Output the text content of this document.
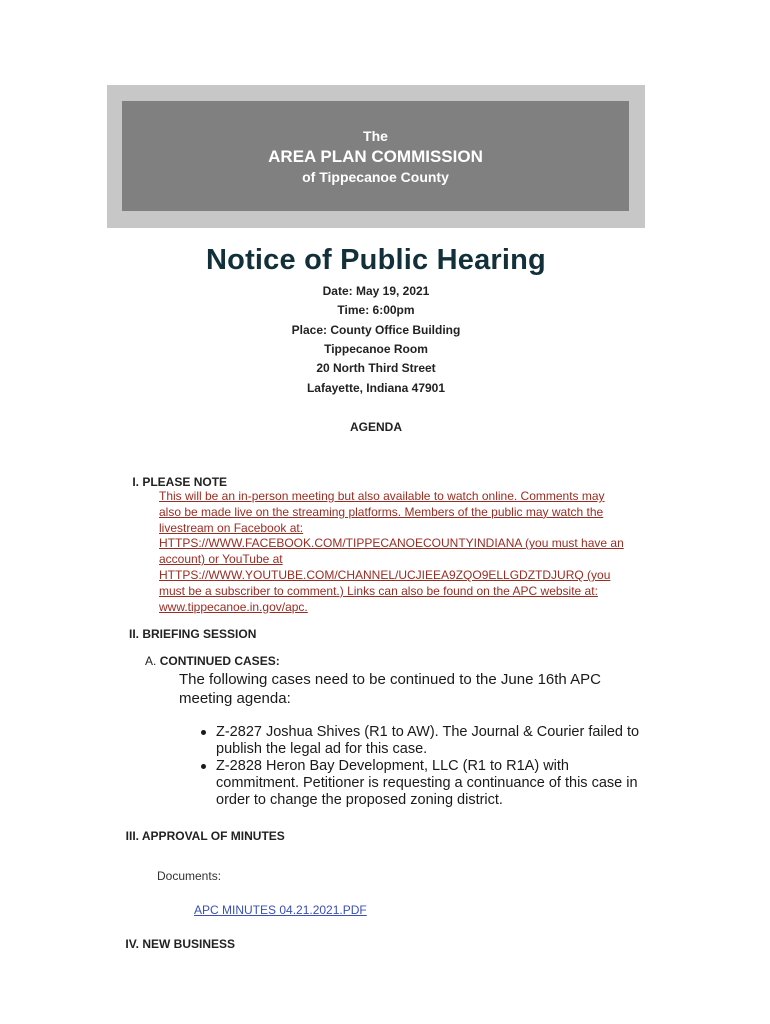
The
AREA PLAN COMMISSION
of Tippecanoe County
Notice of Public Hearing
Date: May 19, 2021
Time: 6:00pm
Place: County Office Building
Tippecanoe Room
20 North Third Street
Lafayette, Indiana 47901
AGENDA
I. PLEASE NOTE
This will be an in-person meeting but also available to watch online. Comments may
also be made live on the streaming platforms. Members of the public may watch the
livestream on Facebook at:
HTTPS://WWW.FACEBOOK.COM/TIPPECANOECOUNTYINDIANA (you must have an
account) or YouTube at
HTTPS://WWW.YOUTUBE.COM/CHANNEL/UCJIEEA9ZQO9ELLGDZTDJURQ (you
must be a subscriber to comment.) Links can also be found on the APC website at:
www.tippecanoe.in.gov/apc.
II. BRIEFING SESSION
A. CONTINUED CASES:
The following cases need to be continued to the June 16th APC meeting agenda:
Z-2827 Joshua Shives (R1 to AW). The Journal & Courier failed to publish the legal ad for this case.
Z-2828 Heron Bay Development, LLC (R1 to R1A) with commitment. Petitioner is requesting a continuance of this case in order to change the proposed zoning district.
III. APPROVAL OF MINUTES
Documents:
APC MINUTES 04.21.2021.PDF
IV. NEW BUSINESS
